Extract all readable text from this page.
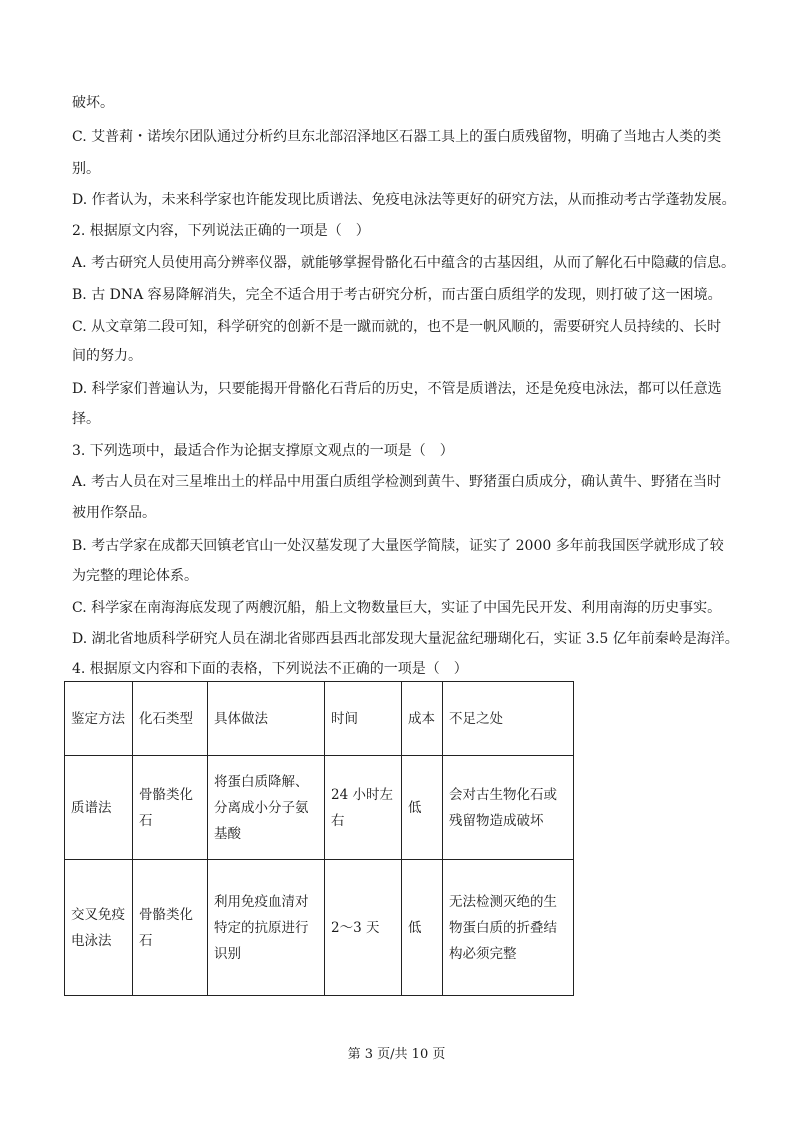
破坏。
C. 艾普莉・诺埃尔团队通过分析约旦东北部沼泽地区石器工具上的蛋白质残留物，明确了当地古人类的类
别。
D. 作者认为，未来科学家也许能发现比质谱法、免疫电泳法等更好的研究方法，从而推动考古学蓬勃发展。
2. 根据原文内容，下列说法正确的一项是（　）
A. 考古研究人员使用高分辨率仪器，就能够掌握骨骼化石中蕴含的古基因组，从而了解化石中隐藏的信息。
B. 古 DNA 容易降解消失，完全不适合用于考古研究分析，而古蛋白质组学的发现，则打破了这一困境。
C. 从文章第二段可知，科学研究的创新不是一蹴而就的，也不是一帆风顺的，需要研究人员持续的、长时
间的努力。
D. 科学家们普遍认为，只要能揭开骨骼化石背后的历史，不管是质谱法，还是免疫电泳法，都可以任意选
择。
3. 下列选项中，最适合作为论据支撑原文观点的一项是（　）
A. 考古人员在对三星堆出土的样品中用蛋白质组学检测到黄牛、野猪蛋白质成分，确认黄牛、野猪在当时
被用作祭品。
B. 考古学家在成都天回镇老官山一处汉墓发现了大量医学简牍，证实了 2000 多年前我国医学就形成了较
为完整的理论体系。
C. 科学家在南海海底发现了两艘沉船，船上文物数量巨大，实证了中国先民开发、利用南海的历史事实。
D. 湖北省地质科学研究人员在湖北省郧西县西北部发现大量泥盆纪珊瑚化石，实证 3.5 亿年前秦岭是海洋。
4. 根据原文内容和下面的表格，下列说法不正确的一项是（　）
鉴定方法	化石类型	具体做法	时间	成本	不足之处
质谱法	骨骼类化石	将蛋白质降解、分离成小分子氨基酸	24 小时左右	低	会对古生物化石或残留物造成破坏
交叉免疫电泳法	骨骼类化石	利用免疫血清对特定的抗原进行识别	2～3 天	低	无法检测灭绝的生物蛋白质的折叠结构必须完整
第 3 页/共 10 页
